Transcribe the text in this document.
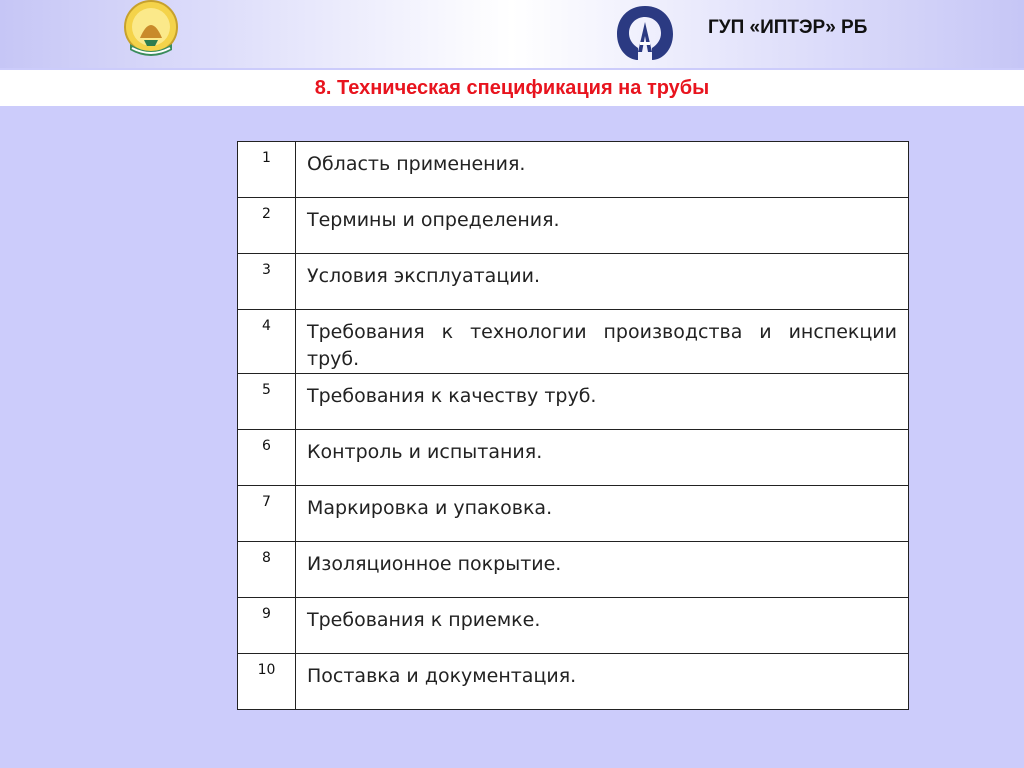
ГУП «ИПТЭР» РБ
8. Техническая спецификация на трубы
1	Область применения.
2	Термины и определения.
3	Условия эксплуатации.
4	Требования к технологии производства и инспекции труб.
5	Требования к качеству труб.
6	Контроль и испытания.
7	Маркировка и упаковка.
8	Изоляционное покрытие.
9	Требования к приемке.
10	Поставка и документация.
